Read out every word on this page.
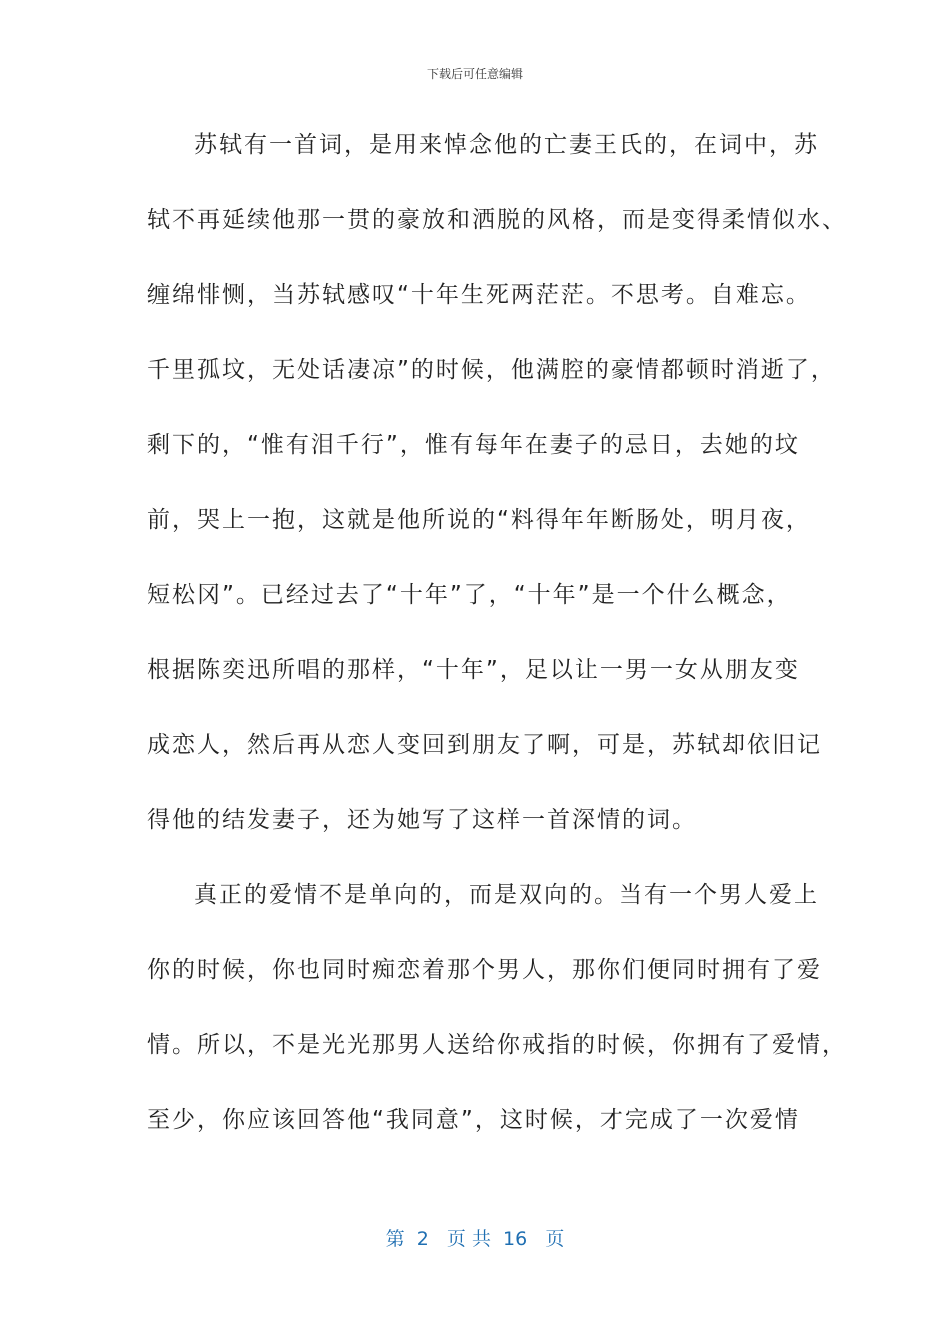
下载后可任意编辑
苏轼有一首词，是用来悼念他的亡妻王氏的，在词中，苏
轼不再延续他那一贯的豪放和洒脱的风格，而是变得柔情似水、
缠绵悱恻，当苏轼感叹“十年生死两茫茫。不思考。自难忘。
千里孤坟，无处话凄凉”的时候，他满腔的豪情都顿时消逝了，
剩下的，“惟有泪千行”，惟有每年在妻子的忌日，去她的坟
前，哭上一抱，这就是他所说的“料得年年断肠处，明月夜，
短松冈”。已经过去了“十年”了，“十年”是一个什么概念，
根据陈奕迅所唱的那样，“十年”，足以让一男一女从朋友变
成恋人，然后再从恋人变回到朋友了啊，可是，苏轼却依旧记
得他的结发妻子，还为她写了这样一首深情的词。
真正的爱情不是单向的，而是双向的。当有一个男人爱上
你的时候，你也同时痴恋着那个男人，那你们便同时拥有了爱
情。所以，不是光光那男人送给你戒指的时候，你拥有了爱情，
至少，你应该回答他“我同意”，这时候，才完成了一次爱情
第  2   页 共  16   页
